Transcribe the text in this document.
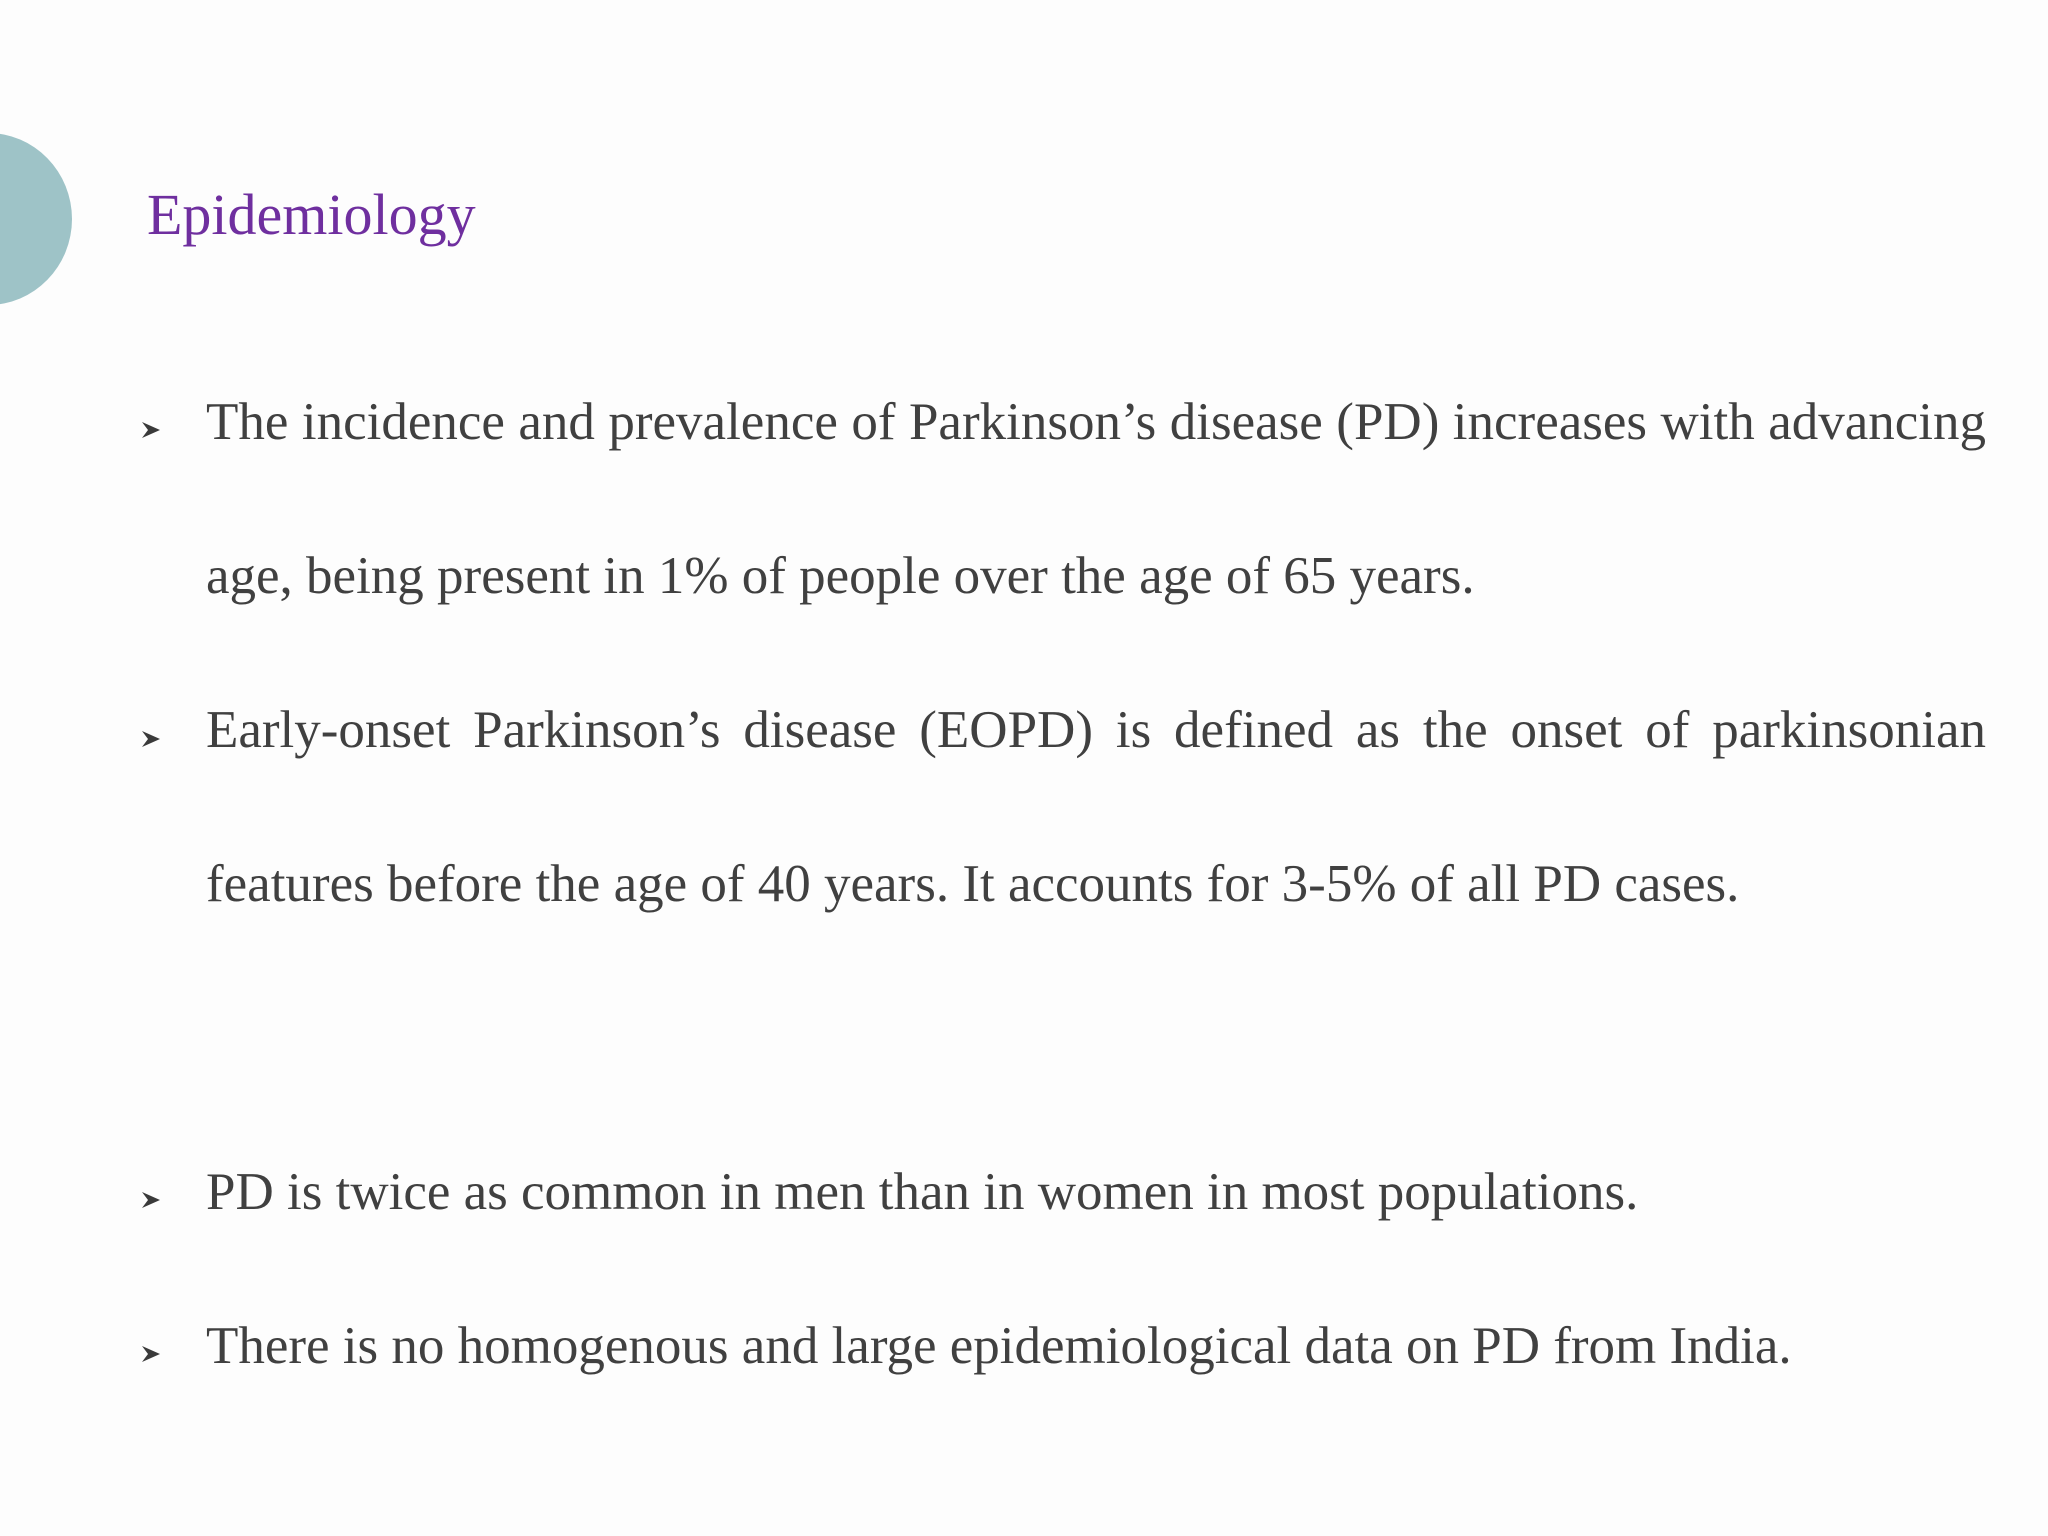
Epidemiology

The incidence and prevalence of Parkinson’s disease (PD) increases with advancing age, being present in 1% of people over the age of 65 years.

Early-onset Parkinson’s disease (EOPD) is defined as the onset of parkinsonian features before the age of 40 years. It accounts for 3-5% of all PD cases.

PD is twice as common in men than in women in most populations.

There is no homogenous and large epidemiological data on PD from India.
